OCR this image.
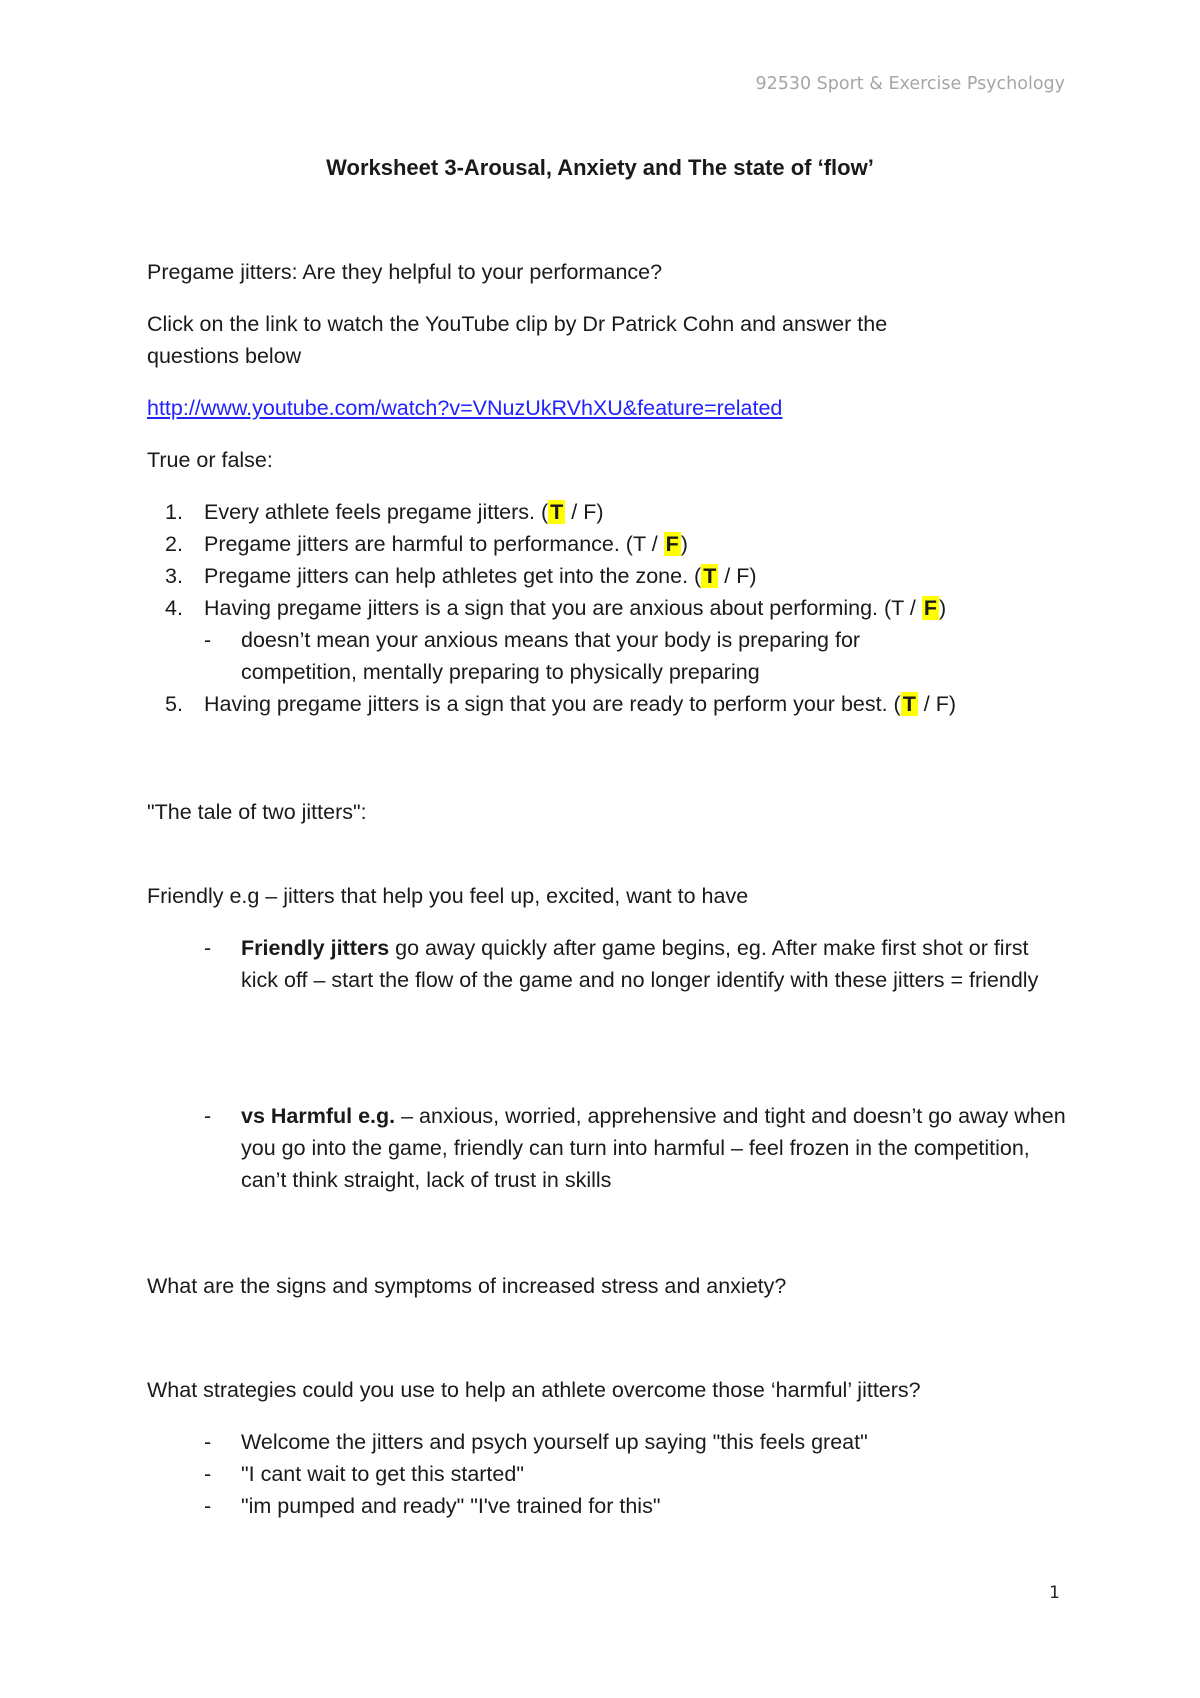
92530 Sport & Exercise Psychology
Worksheet 3-Arousal, Anxiety and The state of ‘flow’
Pregame jitters: Are they helpful to your performance?
Click on the link to watch the YouTube clip by Dr Patrick Cohn and answer the
questions below
http://www.youtube.com/watch?v=VNuzUkRVhXU&feature=related
True or false:
1. Every athlete feels pregame jitters. (T / F)
2. Pregame jitters are harmful to performance. (T / F)
3. Pregame jitters can help athletes get into the zone. (T / F)
4. Having pregame jitters is a sign that you are anxious about performing. (T / F)
- doesn’t mean your anxious means that your body is preparing for
competition, mentally preparing to physically preparing
5. Having pregame jitters is a sign that you are ready to perform your best. (T / F)
"The tale of two jitters":
Friendly e.g – jitters that help you feel up, excited, want to have
- Friendly jitters go away quickly after game begins, eg. After make first shot or first kick off – start the flow of the game and no longer identify with these jitters = friendly
- vs Harmful e.g. – anxious, worried, apprehensive and tight and doesn’t go away when you go into the game, friendly can turn into harmful – feel frozen in the competition, can’t think straight, lack of trust in skills
What are the signs and symptoms of increased stress and anxiety?
What strategies could you use to help an athlete overcome those ‘harmful’ jitters?
- Welcome the jitters and psych yourself up saying "this feels great"
- "I cant wait to get this started"
- "im pumped and ready" "I've trained for this"
1
